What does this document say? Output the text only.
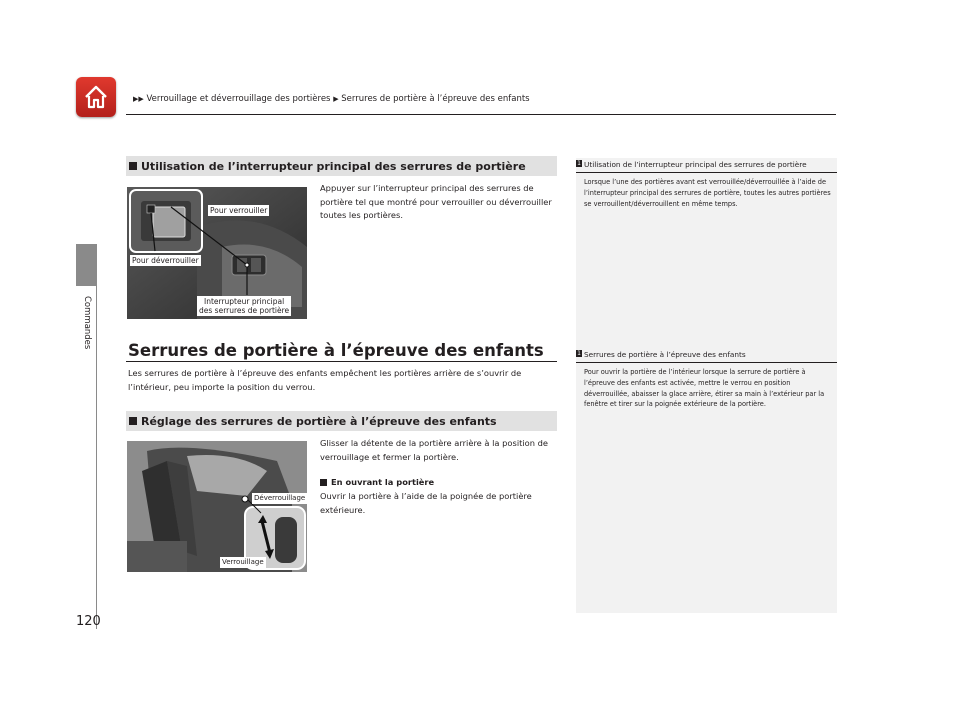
▶▶ Verrouillage et déverrouillage des portières ▶ Serrures de portière à l’épreuve des enfants
Commandes
120
Utilisation de l’interrupteur principal des serrures de portière
Pour verrouiller
Pour déverrouiller
Interrupteur principal
des serrures de portière
Appuyer sur l’interrupteur principal des serrures de portière tel que montré pour verrouiller ou déverrouiller toutes les portières.
Serrures de portière à l’épreuve des enfants
Les serrures de portière à l’épreuve des enfants empêchent les portières arrière de s’ouvrir de l’intérieur, peu importe la position du verrou.
Réglage des serrures de portière à l’épreuve des enfants
Déverrouillage
Verrouillage
Glisser la détente de la portière arrière à la position de verrouillage et fermer la portière.
En ouvrant la portière
Ouvrir la portière à l’aide de la poignée de portière extérieure.
1 Utilisation de l’interrupteur principal des serrures de portière
Lorsque l’une des portières avant est verrouillée/déverrouillée à l’aide de l’interrupteur principal des serrures de portière, toutes les autres portières se verrouillent/déverrouillent en même temps.
1 Serrures de portière à l’épreuve des enfants
Pour ouvrir la portière de l’intérieur lorsque la serrure de portière à l’épreuve des enfants est activée, mettre le verrou en position déverrouillée, abaisser la glace arrière, étirer sa main à l’extérieur par la fenêtre et tirer sur la poignée extérieure de la portière.
